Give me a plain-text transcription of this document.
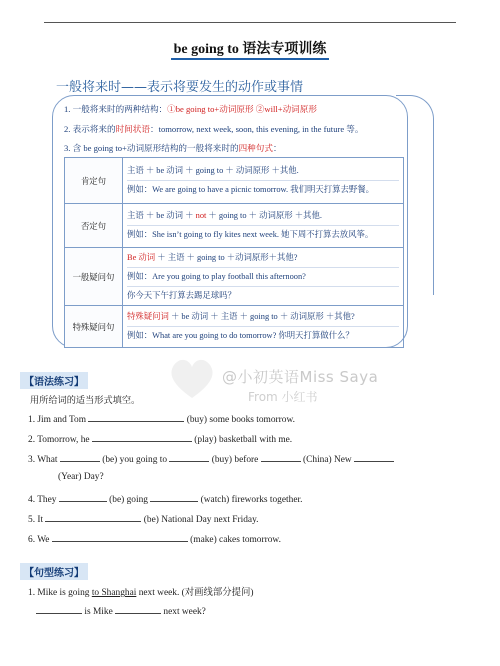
be going to 语法专项训练
一般将来时——表示将要发生的动作或事情
1. 一般将来时的两种结构：①be going to+动词原形 ②will+动词原形
2. 表示将来的时间状语：tomorrow, next week, soon, this evening, in the future 等。
3. 含 be going to+动词原形结构的一般将来时的四种句式：
肯定句	主语 ＋ be 动词 ＋ going to ＋ 动词原形 ＋其他.
例如：We are going to have a picnic tomorrow. 我们明天打算去野餐。

否定句	主语 ＋ be 动词 ＋ not ＋ going to ＋ 动词原形 ＋其他.
例如：She isn’t going to fly kites next week. 她下周不打算去放风筝。

一般疑问句	Be 动词 ＋ 主语 ＋ going to ＋动词原形＋其他?
例如：Are you going to play football this afternoon?
你今天下午打算去踢足球吗？

特殊疑问句	特殊疑问词 ＋ be 动词 ＋ 主语 ＋ going to ＋ 动词原形 ＋其他?
例如：What are you going to do tomorrow? 你明天打算做什么？
@小初英语Miss Saya
From 小红书
【语法练习】
用所给词的适当形式填空。
1. Jim and Tom	(buy) some books tomorrow.
2. Tomorrow, he	(play) basketball with me.
3. What	(be) you going to	(buy) before	(China) New
(Year) Day?
4. They	(be) going	(watch) fireworks together.
5. It	(be) National Day next Friday.
6. We	(make) cakes tomorrow.
【句型练习】
1. Mike is going to Shanghai next week. (对画线部分提问)
is Mike	next week?
